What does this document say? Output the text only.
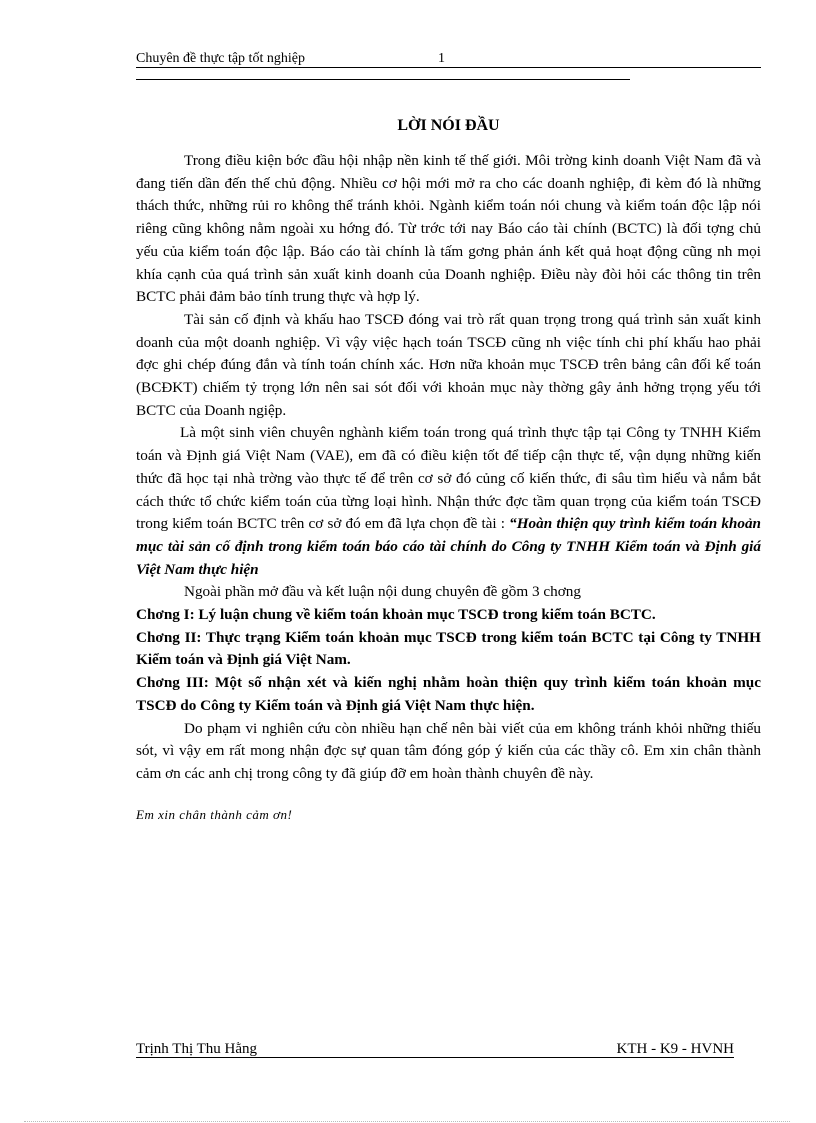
Chuyên đề thực tập tốt nghiệp	1
LỜI NÓI ĐẦU

Trong điều kiện bớc đầu hội nhập nền kinh tế thế giới. Môi trờng kinh doanh Việt Nam đã và đang tiến dần đến thế chủ động. Nhiều cơ hội mới mở ra cho các doanh nghiệp, đi kèm đó là những thách thức, những rủi ro không thể tránh khỏi. Ngành kiểm toán nói chung và kiểm toán độc lập nói riêng cũng không nằm ngoài xu hớng đó. Từ trớc tới nay Báo cáo tài chính (BCTC) là đối tợng chủ yếu của kiểm toán độc lập. Báo cáo tài chính là tấm gơng phản ánh kết quả hoạt động cũng nh mọi khía cạnh của quá trình sản xuất kinh doanh của Doanh nghiệp. Điều này đòi hỏi các thông tin trên BCTC phải đảm bảo tính trung thực và hợp lý.

Tài sản cố định và khấu hao TSCĐ đóng vai trò rất quan trọng trong quá trình sản xuất kinh doanh của một doanh nghiệp. Vì vậy việc hạch toán TSCĐ cũng nh việc tính chi phí khấu hao phải đợc ghi chép đúng đắn và tính toán chính xác. Hơn nữa khoản mục TSCĐ trên bảng cân đối kế toán (BCĐKT) chiếm tỷ trọng lớn nên sai sót đối với khoản mục này thờng gây ảnh hởng trọng yếu tới BCTC của Doanh ngiệp.

Là một sinh viên chuyên nghành kiểm toán trong quá trình thực tập tại Công ty TNHH Kiểm toán và Định giá Việt Nam (VAE), em đã có điều kiện tốt để tiếp cận thực tế, vận dụng những kiến thức đã học tại nhà trờng vào thực tế để trên cơ sở đó củng cố kiến thức, đi sâu tìm hiểu và nắm bắt cách thức tổ chức kiểm toán của từng loại hình. Nhận thức đợc tầm quan trọng của kiểm toán TSCĐ trong kiểm toán BCTC trên cơ sở đó em đã lựa chọn đề tài : “Hoàn thiện quy trình kiểm toán khoản mục tài sản cố định trong kiểm toán báo cáo tài chính do Công ty TNHH Kiểm toán và Định giá Việt Nam thực hiện

Ngoài phần mở đầu và kết luận nội dung chuyên đề gồm 3 chơng

Chơng I: Lý luận chung về kiểm toán khoản mục TSCĐ trong kiểm toán BCTC.

Chơng II: Thực trạng Kiểm toán khoản mục TSCĐ trong kiểm toán BCTC tại Công ty TNHH Kiểm toán và Định giá Việt Nam.

Chơng III: Một số nhận xét và kiến nghị nhằm hoàn thiện quy trình kiểm toán khoản mục TSCĐ do Công ty Kiểm toán và Định giá Việt Nam thực hiện.

Do phạm vi nghiên cứu còn nhiều hạn chế nên bài viết của em không tránh khỏi những thiếu sót, vì vậy em rất mong nhận đợc sự quan tâm đóng góp ý kiến của các thầy cô. Em xin chân thành cảm ơn các anh chị trong công ty đã giúp đỡ em hoàn thành chuyên đề này.

Em xin chân thành cảm ơn!

Trịnh Thị Thu Hằng	KTH - K9 - HVNH
